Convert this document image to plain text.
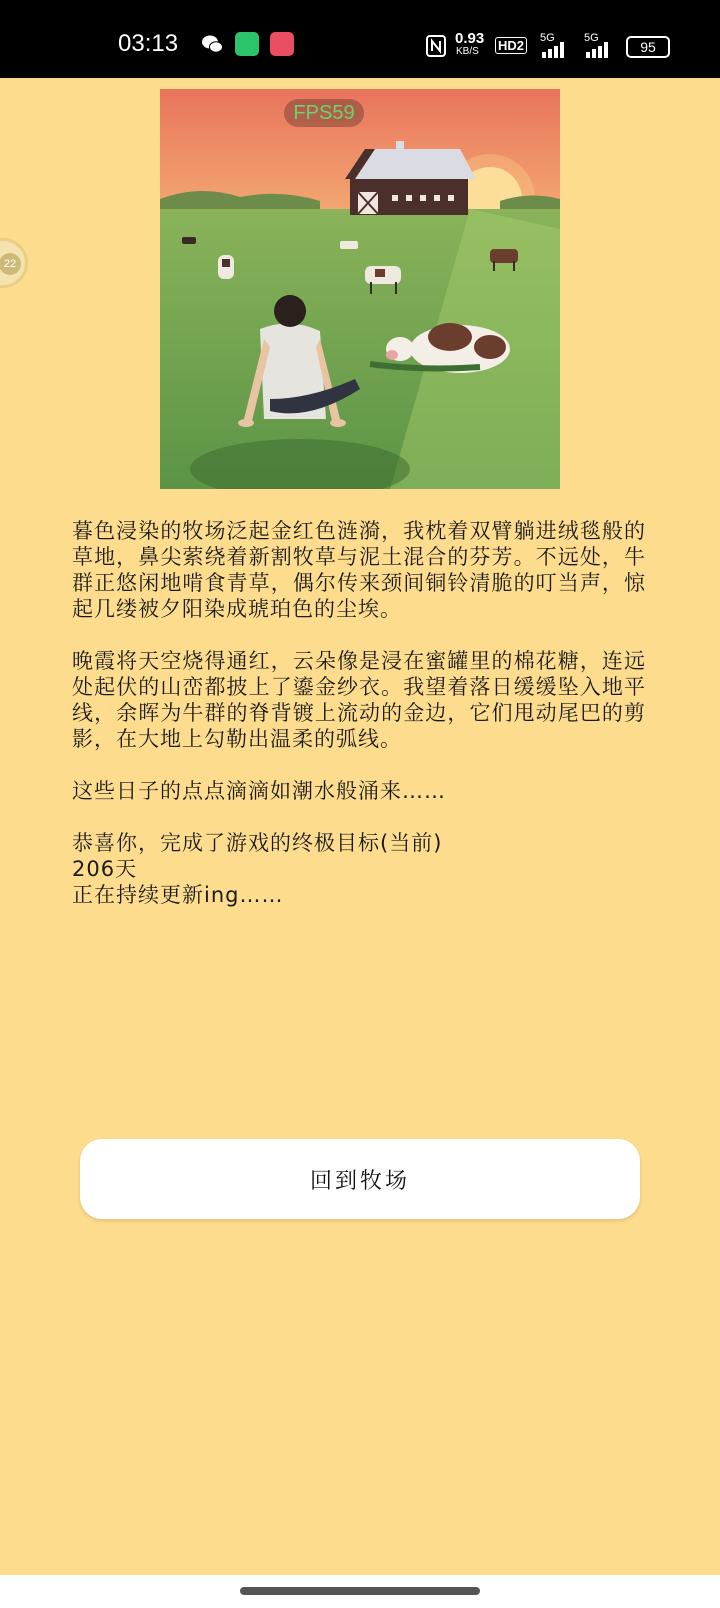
03:13	0.93
KB/S HD2 5G	5G
95
22
FPS59

暮色浸染的牧场泛起金红色涟漪，我枕着双臂躺进绒毯般的草地，鼻尖萦绕着新割牧草与泥土混合的芬芳。不远处，牛群正悠闲地啃食青草，偶尔传来颈间铜铃清脆的叮当声，惊起几缕被夕阳染成琥珀色的尘埃。

晚霞将天空烧得通红，云朵像是浸在蜜罐里的棉花糖，连远处起伏的山峦都披上了鎏金纱衣。我望着落日缓缓坠入地平线，余晖为牛群的脊背镀上流动的金边，它们甩动尾巴的剪影，在大地上勾勒出温柔的弧线。

这些日子的点点滴滴如潮水般涌来……

恭喜你，完成了游戏的终极目标(当前)
206天
正在持续更新ing……
回到牧场
